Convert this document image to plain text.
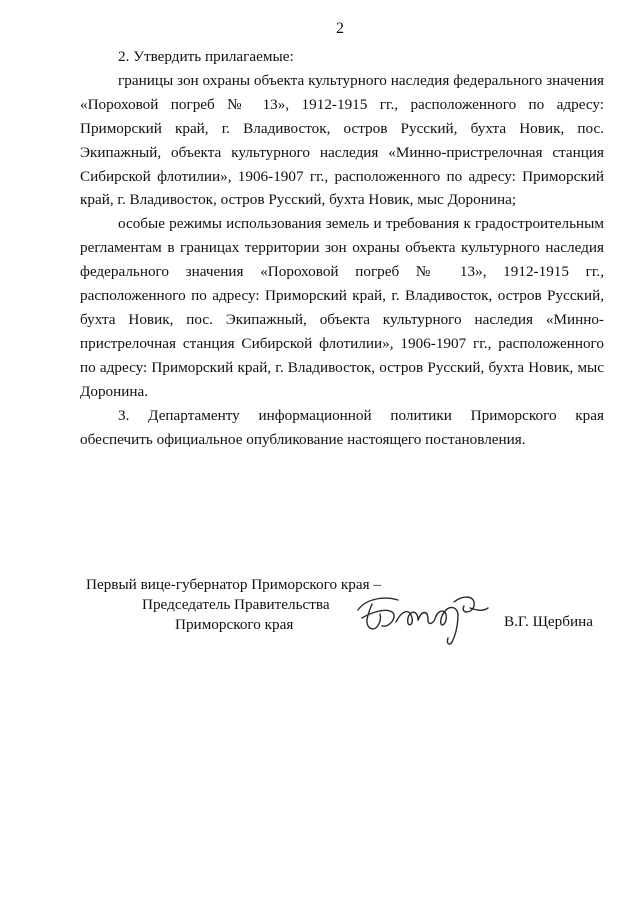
2

2. Утвердить прилагаемые:

границы зон охраны объекта культурного наследия федерального значения «Пороховой погреб № 13», 1912-1915 гг., расположенного по адресу: Приморский край, г. Владивосток, остров Русский, бухта Новик, пос. Экипажный, объекта культурного наследия «Минно-пристрелочная станция Сибирской флотилии», 1906-1907 гг., расположенного по адресу: Приморский край, г. Владивосток, остров Русский, бухта Новик, мыс Доронина;

особые режимы использования земель и требования к градостроительным регламентам в границах территории зон охраны объекта культурного наследия федерального значения «Пороховой погреб № 13», 1912-1915 гг., расположенного по адресу: Приморский край, г. Владивосток, остров Русский, бухта Новик, пос. Экипажный, объекта культурного наследия «Минно-пристрелочная станция Сибирской флотилии», 1906-1907 гг., расположенного по адресу: Приморский край, г. Владивосток, остров Русский, бухта Новик, мыс Доронина.

3. Департаменту информационной политики Приморского края обеспечить официальное опубликование настоящего постановления.

Первый вице-губернатор Приморского края –
Председатель Правительства
Приморского края	В.Г. Щербина
